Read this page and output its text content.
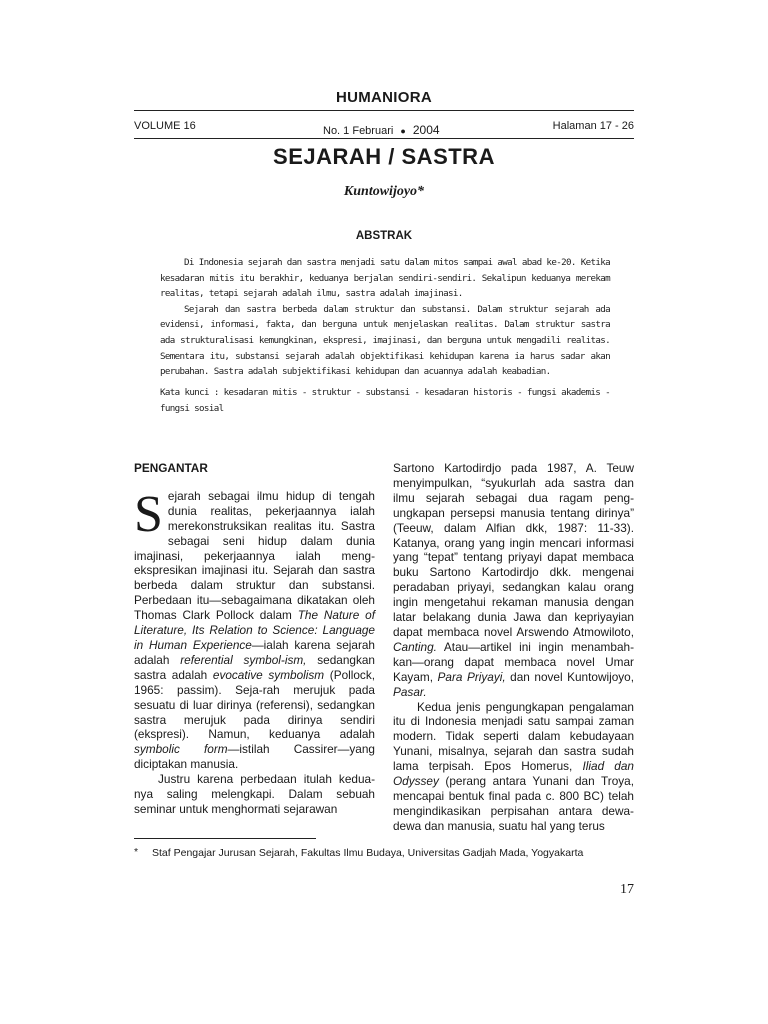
HUMANIORA
VOLUME 16	No. 1 Februari ● 2004	Halaman 17 - 26
SEJARAH / SASTRA
Kuntowijoyo*
ABSTRAK

Di Indonesia sejarah dan sastra menjadi satu dalam mitos sampai awal abad ke-20. Ketika kesadaran mitis itu berakhir, keduanya berjalan sendiri-sendiri. Sekalipun keduanya merekam realitas, tetapi sejarah adalah ilmu, sastra adalah imajinasi.

Sejarah dan sastra berbeda dalam struktur dan substansi. Dalam struktur sejarah ada evidensi, informasi, fakta, dan berguna untuk menjelaskan realitas. Dalam struktur sastra ada strukturalisasi kemungkinan, ekspresi, imajinasi, dan berguna untuk mengadili realitas. Sementara itu, substansi sejarah adalah objektifikasi kehidupan karena ia harus sadar akan perubahan. Sastra adalah subjektifikasi kehidupan dan acuannya adalah keabadian.

Kata kunci : kesadaran mitis - struktur - substansi - kesadaran historis - fungsi akademis - fungsi sosial

PENGANTAR

Sejarah sebagai ilmu hidup di tengah dunia realitas, pekerjaannya ialah merekonstruksikan realitas itu. Sastra sebagai seni hidup dalam dunia imajinasi, pekerjaannya ialah meng-ekspresikan imajinasi itu. Sejarah dan sastra berbeda dalam struktur dan substansi. Perbedaan itu—sebagaimana dikatakan oleh Thomas Clark Pollock dalam The Nature of Literature, Its Relation to Science: Language in Human Experience—ialah karena sejarah adalah referential symbol-ism, sedangkan sastra adalah evocative symbolism (Pollock, 1965: passim). Seja-rah merujuk pada sesuatu di luar dirinya (referensi), sedangkan sastra merujuk pada dirinya sendiri (ekspresi). Namun, keduanya adalah symbolic form—istilah Cassirer—yang diciptakan manusia.

Justru karena perbedaan itulah kedua-nya saling melengkapi. Dalam sebuah seminar untuk menghormati sejarawan

Sartono Kartodirdjo pada 1987, A. Teuw menyimpulkan, “syukurlah ada sastra dan ilmu sejarah sebagai dua ragam peng-ungkapan persepsi manusia tentang dirinya” (Teeuw, dalam Alfian dkk, 1987: 11-33). Katanya, orang yang ingin mencari informasi yang “tepat” tentang priyayi dapat membaca buku Sartono Kartodirdjo dkk. mengenai peradaban priyayi, sedangkan kalau orang ingin mengetahui rekaman manusia dengan latar belakang dunia Jawa dan kepriyayian dapat membaca novel Arswendo Atmowiloto, Canting. Atau—artikel ini ingin menambah-kan—orang dapat membaca novel Umar Kayam, Para Priyayi, dan novel Kuntowijoyo, Pasar.

Kedua jenis pengungkapan pengalaman itu di Indonesia menjadi satu sampai zaman modern. Tidak seperti dalam kebudayaan Yunani, misalnya, sejarah dan sastra sudah lama terpisah. Epos Homerus, Iliad dan Odyssey (perang antara Yunani dan Troya, mencapai bentuk final pada c. 800 BC) telah mengindikasikan perpisahan antara dewa-dewa dan manusia, suatu hal yang terus

* Staf Pengajar Jurusan Sejarah, Fakultas Ilmu Budaya, Universitas Gadjah Mada, Yogyakarta
17
